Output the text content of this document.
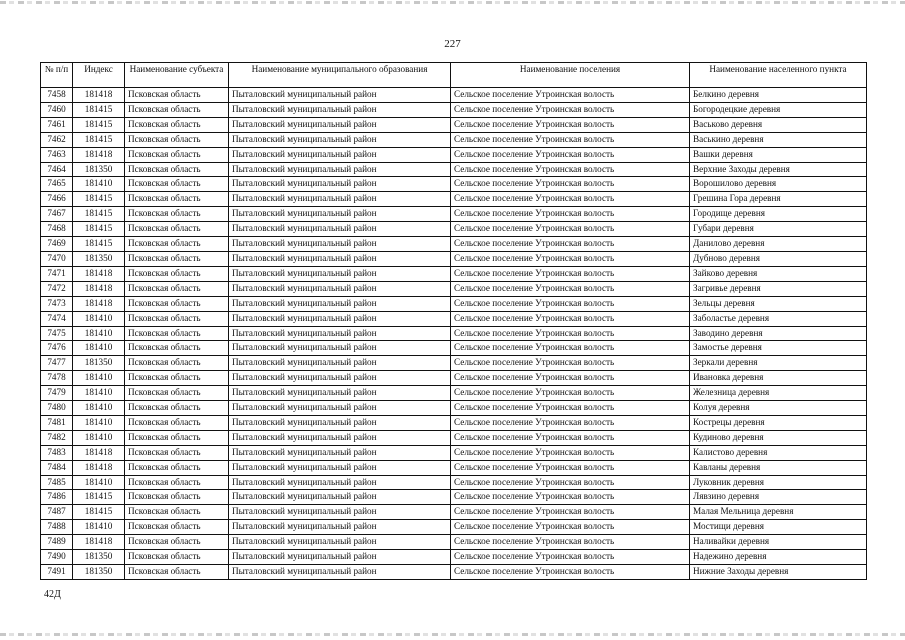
227
№ п/п	Индекс	Наименование субъекта	Наименование муниципального образования	Наименование поселения	Наименование населенного пункта
7458	181418	Псковская область	Пыталовский муниципальный район	Сельское поселение Утроинская волость	Белкино деревня
7460	181415	Псковская область	Пыталовский муниципальный район	Сельское поселение Утроинская волость	Богородецкие деревня
7461	181415	Псковская область	Пыталовский муниципальный район	Сельское поселение Утроинская волость	Васьково деревня
7462	181415	Псковская область	Пыталовский муниципальный район	Сельское поселение Утроинская волость	Васькино деревня
7463	181418	Псковская область	Пыталовский муниципальный район	Сельское поселение Утроинская волость	Вашки деревня
7464	181350	Псковская область	Пыталовский муниципальный район	Сельское поселение Утроинская волость	Верхние Заходы деревня
7465	181410	Псковская область	Пыталовский муниципальный район	Сельское поселение Утроинская волость	Ворошилово деревня
7466	181415	Псковская область	Пыталовский муниципальный район	Сельское поселение Утроинская волость	Грешина Гора деревня
7467	181415	Псковская область	Пыталовский муниципальный район	Сельское поселение Утроинская волость	Городище деревня
7468	181415	Псковская область	Пыталовский муниципальный район	Сельское поселение Утроинская волость	Губари деревня
7469	181415	Псковская область	Пыталовский муниципальный район	Сельское поселение Утроинская волость	Данилово деревня
7470	181350	Псковская область	Пыталовский муниципальный район	Сельское поселение Утроинская волость	Дубново деревня
7471	181418	Псковская область	Пыталовский муниципальный район	Сельское поселение Утроинская волость	Зайково деревня
7472	181418	Псковская область	Пыталовский муниципальный район	Сельское поселение Утроинская волость	Загривье деревня
7473	181418	Псковская область	Пыталовский муниципальный район	Сельское поселение Утроинская волость	Зельцы деревня
7474	181410	Псковская область	Пыталовский муниципальный район	Сельское поселение Утроинская волость	Заболастье деревня
7475	181410	Псковская область	Пыталовский муниципальный район	Сельское поселение Утроинская волость	Заводино деревня
7476	181410	Псковская область	Пыталовский муниципальный район	Сельское поселение Утроинская волость	Замостье деревня
7477	181350	Псковская область	Пыталовский муниципальный район	Сельское поселение Утроинская волость	Зеркали деревня
7478	181410	Псковская область	Пыталовский муниципальный район	Сельское поселение Утроинская волость	Ивановка деревня
7479	181410	Псковская область	Пыталовский муниципальный район	Сельское поселение Утроинская волость	Железница деревня
7480	181410	Псковская область	Пыталовский муниципальный район	Сельское поселение Утроинская волость	Колуя деревня
7481	181410	Псковская область	Пыталовский муниципальный район	Сельское поселение Утроинская волость	Кострецы деревня
7482	181410	Псковская область	Пыталовский муниципальный район	Сельское поселение Утроинская волость	Кудиново деревня
7483	181418	Псковская область	Пыталовский муниципальный район	Сельское поселение Утроинская волость	Калистово деревня
7484	181418	Псковская область	Пыталовский муниципальный район	Сельское поселение Утроинская волость	Кавланы деревня
7485	181410	Псковская область	Пыталовский муниципальный район	Сельское поселение Утроинская волость	Луковник деревня
7486	181415	Псковская область	Пыталовский муниципальный район	Сельское поселение Утроинская волость	Лявзино деревня
7487	181415	Псковская область	Пыталовский муниципальный район	Сельское поселение Утроинская волость	Малая Мельница деревня
7488	181410	Псковская область	Пыталовский муниципальный район	Сельское поселение Утроинская волость	Мостищи деревня
7489	181418	Псковская область	Пыталовский муниципальный район	Сельское поселение Утроинская волость	Наливайки деревня
7490	181350	Псковская область	Пыталовский муниципальный район	Сельское поселение Утроинская волость	Надежино деревня
7491	181350	Псковская область	Пыталовский муниципальный район	Сельское поселение Утроинская волость	Нижние Заходы деревня
42Д
